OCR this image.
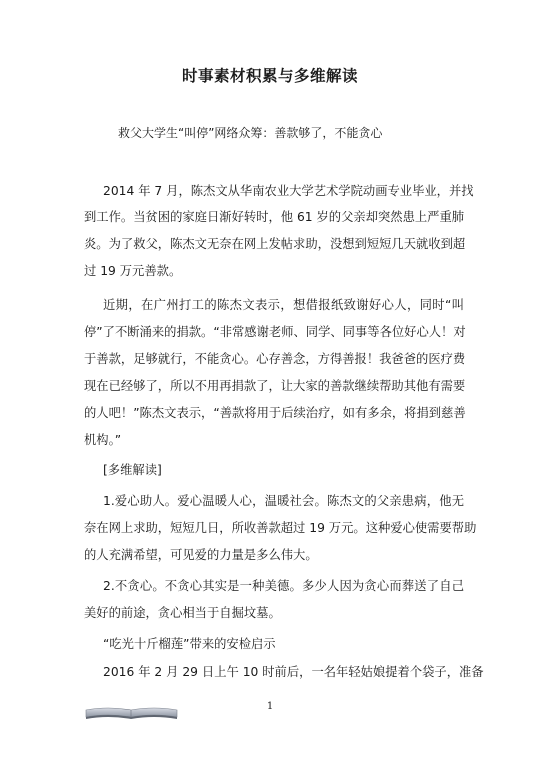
时事素材积累与多维解读
救父大学生“叫停”网络众筹：善款够了，不能贪心
2014 年 7 月，陈杰文从华南农业大学艺术学院动画专业毕业，并找
到工作。当贫困的家庭日渐好转时，他 61 岁的父亲却突然患上严重肺
炎。为了救父，陈杰文无奈在网上发帖求助，没想到短短几天就收到超
过 19 万元善款。
近期，在广州打工的陈杰文表示，想借报纸致谢好心人，同时“叫
停”了不断涌来的捐款。“非常感谢老师、同学、同事等各位好心人！对
于善款，足够就行，不能贪心。心存善念，方得善报！我爸爸的医疗费
现在已经够了，所以不用再捐款了，让大家的善款继续帮助其他有需要
的人吧！”陈杰文表示，“善款将用于后续治疗，如有多余，将捐到慈善
机构。”
[多维解读]
1.爱心助人。爱心温暖人心，温暖社会。陈杰文的父亲患病，他无
奈在网上求助，短短几日，所收善款超过 19 万元。这种爱心使需要帮助
的人充满希望，可见爱的力量是多么伟大。
2.不贪心。不贪心其实是一种美德。多少人因为贪心而葬送了自己
美好的前途，贪心相当于自掘坟墓。
“吃光十斤榴莲”带来的安检启示
2016 年 2 月 29 日上午 10 时前后，一名年轻姑娘提着个袋子，准备
1
